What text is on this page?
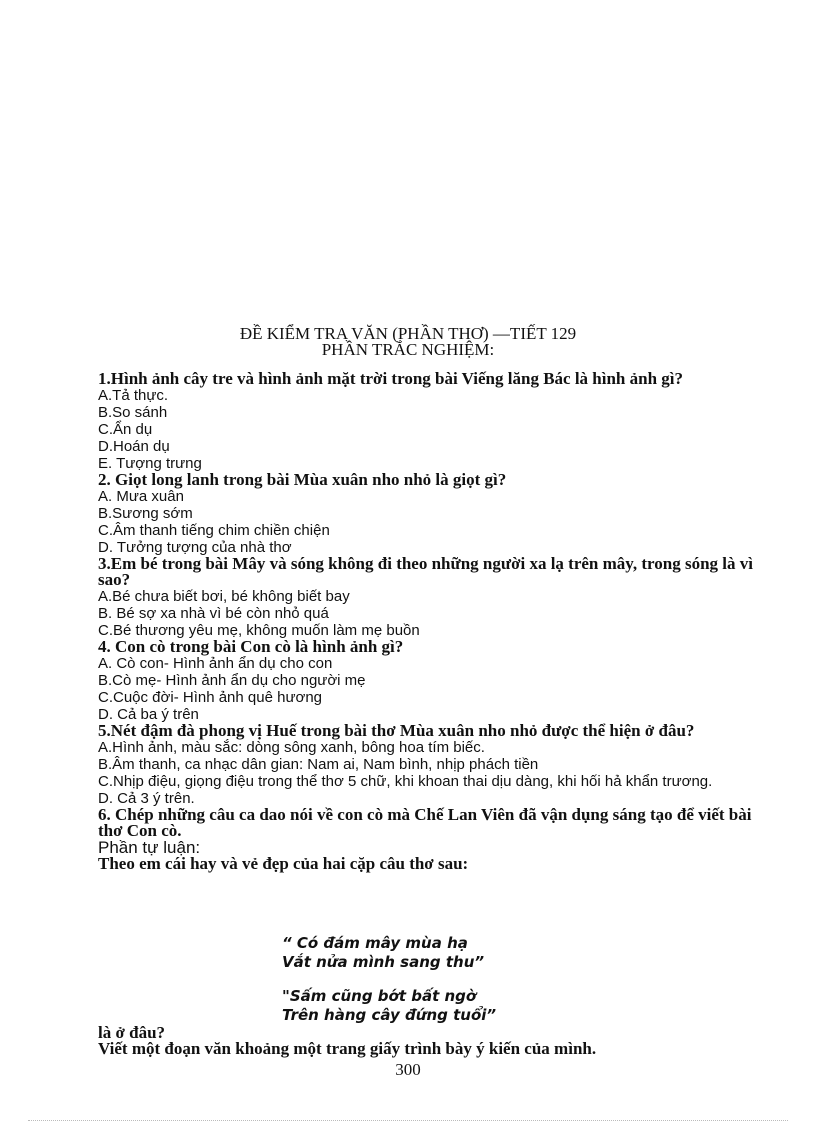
ĐỀ KIỂM TRA VĂN (PHẦN THƠ) —TIẾT 129
PHẦN TRẮC NGHIỆM:
1.Hình ảnh cây tre và hình ảnh mặt trời trong bài Viếng lăng Bác là hình ảnh gì?
A.Tả thực.
B.So sánh
C.Ẩn dụ
D.Hoán dụ
E. Tượng trưng
2. Giọt long lanh trong bài Mùa xuân nho nhỏ là giọt gì?
A. Mưa xuân
B.Sương sớm
C.Âm thanh tiếng chim chiền chiện
D. Tưởng tượng của nhà thơ
3.Em bé trong bài Mây và sóng không đi theo những người xa lạ trên mây, trong sóng là vì sao?
A.Bé chưa biết bơi, bé không biết bay
B. Bé sợ xa nhà vì bé còn nhỏ quá
C.Bé thương yêu mẹ, không muốn làm mẹ buồn
4. Con cò trong bài Con cò là hình ảnh gì?
A. Cò con- Hình ảnh ẩn dụ cho con
B.Cò mẹ- Hình ảnh ẩn dụ cho người mẹ
C.Cuộc đời- Hình ảnh quê hương
D. Cả ba ý trên
5.Nét đậm đà phong vị Huế trong bài thơ Mùa xuân nho nhỏ được thể hiện ở đâu?
A.Hình ảnh, màu sắc: dòng sông xanh, bông hoa tím biếc.
B.Âm thanh, ca nhạc dân gian: Nam ai, Nam bình, nhịp phách tiền
C.Nhịp điệu, giọng điệu trong thể thơ 5 chữ, khi khoan thai dịu dàng, khi hối hả khẩn trương.
D. Cả 3 ý trên.
6. Chép những câu ca dao nói về con cò mà Chế Lan Viên đã vận dụng sáng tạo để viết bài thơ Con cò.
Phần tự luận:
Theo em cái hay và vẻ đẹp của hai cặp câu thơ sau:
“ Có đám mây mùa hạ
Vắt nửa mình sang thu”
"Sấm cũng bớt bất ngờ
Trên hàng cây đứng tuổi”
là ở đâu?
Viết một đoạn văn khoảng một trang giấy trình bày ý kiến của mình.
300
